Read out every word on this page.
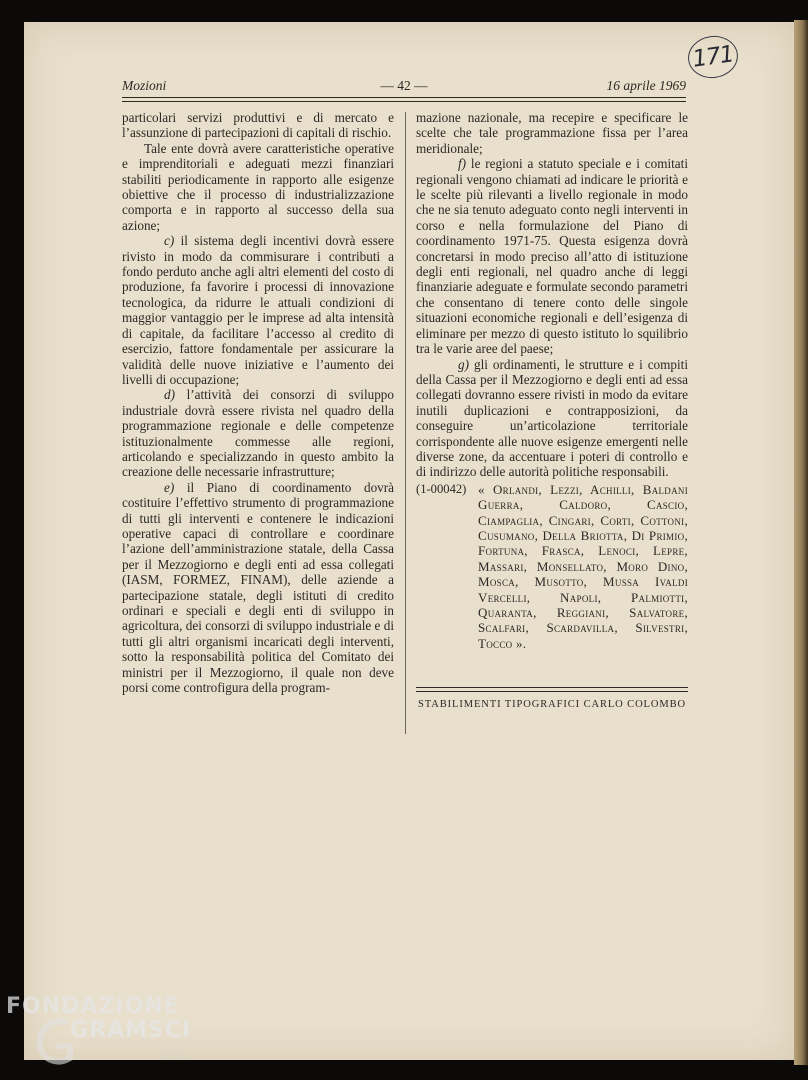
171
Mozioni	— 42 —	16 aprile 1969

particolari servizi produttivi e di mercato e l’assunzione di partecipazioni di capitali di rischio.

Tale ente dovrà avere caratteristiche operative e imprenditoriali e adeguati mezzi finanziari stabiliti periodicamente in rapporto alle esigenze obiettive che il processo di industrializzazione comporta e in rapporto al successo della sua azione;

c) il sistema degli incentivi dovrà essere rivisto in modo da commisurare i contributi a fondo perduto anche agli altri elementi del costo di produzione, fa favorire i processi di innovazione tecnologica, da ridurre le attuali condizioni di maggior vantaggio per le imprese ad alta intensità di capitale, da facilitare l’accesso al credito di esercizio, fattore fondamentale per assicurare la validità delle nuove iniziative e l’aumento dei livelli di occupazione;

d) l’attività dei consorzi di sviluppo industriale dovrà essere rivista nel quadro della programmazione regionale e delle competenze istituzionalmente commesse alle regioni, articolando e specializzando in questo ambito la creazione delle necessarie infrastrutture;

e) il Piano di coordinamento dovrà costituire l’effettivo strumento di programmazione di tutti gli interventi e contenere le indicazioni operative capaci di controllare e coordinare l’azione dell’amministrazione statale, della Cassa per il Mezzogiorno e degli enti ad essa collegati (IASM, FORMEZ, FINAM), delle aziende a partecipazione statale, degli istituti di credito ordinari e speciali e degli enti di sviluppo in agricoltura, dei consorzi di sviluppo industriale e di tutti gli altri organismi incaricati degli interventi, sotto la responsabilità politica del Comitato dei ministri per il Mezzogiorno, il quale non deve porsi come controfigura della program-

mazione nazionale, ma recepire e specificare le scelte che tale programmazione fissa per l’area meridionale;

f) le regioni a statuto speciale e i comitati regionali vengono chiamati ad indicare le priorità e le scelte più rilevanti a livello regionale in modo che ne sia tenuto adeguato conto negli interventi in corso e nella formulazione del Piano di coordinamento 1971-75. Questa esigenza dovrà concretarsi in modo preciso all’atto di istituzione degli enti regionali, nel quadro anche di leggi finanziarie adeguate e formulate secondo parametri che consentano di tenere conto delle singole situazioni economiche regionali e dell’esigenza di eliminare per mezzo di questo istituto lo squilibrio tra le varie aree del paese;

g) gli ordinamenti, le strutture e i compiti della Cassa per il Mezzogiorno e degli enti ad essa collegati dovranno essere rivisti in modo da evitare inutili duplicazioni e contrapposizioni, da conseguire un’articolazione territoriale corrispondente alle nuove esigenze emergenti nelle diverse zone, da accentuare i poteri di controllo e di indirizzo delle autorità politiche responsabili.

(1-00042) « Orlandi, Lezzi, Achilli, Baldani Guerra, Caldoro, Cascio, Ciampaglia, Cingari, Corti, Cottoni, Cusumano, Della Briotta, Di Primio, Fortuna, Frasca, Lenoci, Lepre, Massari, Monsellato, Moro Dino, Mosca, Musotto, Mussa Ivaldi Vercelli, Napoli, Palmiotti, Quaranta, Reggiani, Salvatore, Scalfari, Scardavilla, Silvestri, Tocco ».
STABILIMENTI TIPOGRAFICI CARLO COLOMBO
FONDAZIONE
GRAMSCI
onlus
